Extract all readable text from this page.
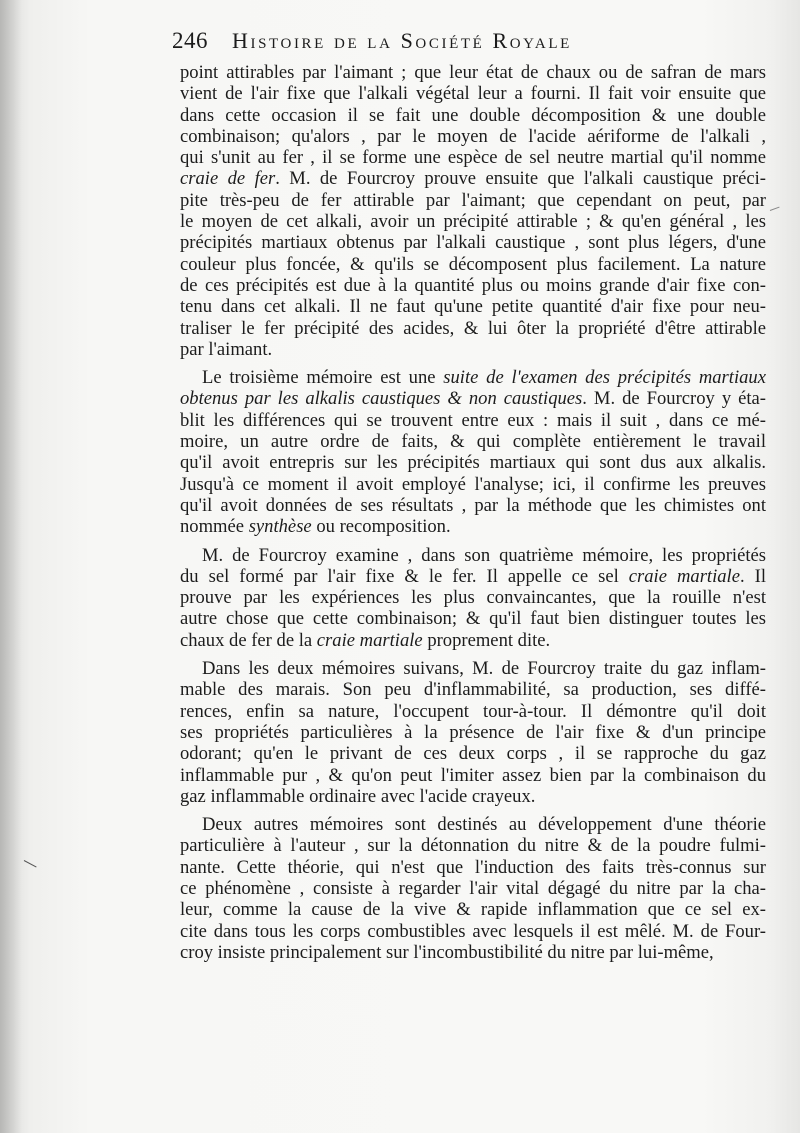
246 Histoire de la Société Royale
point attirables par l'aimant ; que leur état de chaux ou de safran de mars
vient de l'air fixe que l'alkali végétal leur a fourni. Il fait voir ensuite que
dans cette occasion il se fait une double décomposition & une double
combinaison; qu'alors , par le moyen de l'acide aériforme de l'alkali ,
qui s'unit au fer , il se forme une espèce de sel neutre martial qu'il nomme
craie de fer. M. de Fourcroy prouve ensuite que l'alkali caustique préci-
pite très-peu de fer attirable par l'aimant; que cependant on peut, par
le moyen de cet alkali, avoir un précipité attirable ; & qu'en général , les
précipités martiaux obtenus par l'alkali caustique , sont plus légers, d'une
couleur plus foncée, & qu'ils se décomposent plus facilement. La nature
de ces précipités est due à la quantité plus ou moins grande d'air fixe con-
tenu dans cet alkali. Il ne faut qu'une petite quantité d'air fixe pour neu-
traliser le fer précipité des acides, & lui ôter la propriété d'être attirable
par l'aimant.
Le troisième mémoire est une suite de l'examen des précipités martiaux
obtenus par les alkalis caustiques & non caustiques. M. de Fourcroy y éta-
blit les différences qui se trouvent entre eux : mais il suit , dans ce mé-
moire, un autre ordre de faits, & qui complète entièrement le travail
qu'il avoit entrepris sur les précipités martiaux qui sont dus aux alkalis.
Jusqu'à ce moment il avoit employé l'analyse; ici, il confirme les preuves
qu'il avoit données de ses résultats , par la méthode que les chimistes ont
nommée synthèse ou recomposition.
M. de Fourcroy examine , dans son quatrième mémoire, les propriétés
du sel formé par l'air fixe & le fer. Il appelle ce sel craie martiale. Il
prouve par les expériences les plus convaincantes, que la rouille n'est
autre chose que cette combinaison; & qu'il faut bien distinguer toutes les
chaux de fer de la craie martiale proprement dite.
Dans les deux mémoires suivans, M. de Fourcroy traite du gaz inflam-
mable des marais. Son peu d'inflammabilité, sa production, ses diffé-
rences, enfin sa nature, l'occupent tour-à-tour. Il démontre qu'il doit
ses propriétés particulières à la présence de l'air fixe & d'un principe
odorant; qu'en le privant de ces deux corps , il se rapproche du gaz
inflammable pur , & qu'on peut l'imiter assez bien par la combinaison du
gaz inflammable ordinaire avec l'acide crayeux.
Deux autres mémoires sont destinés au développement d'une théorie
particulière à l'auteur , sur la détonnation du nitre & de la poudre fulmi-
nante. Cette théorie, qui n'est que l'induction des faits très-connus sur
ce phénomène , consiste à regarder l'air vital dégagé du nitre par la cha-
leur, comme la cause de la vive & rapide inflammation que ce sel ex-
cite dans tous les corps combustibles avec lesquels il est mêlé. M. de Four-
croy insiste principalement sur l'incombustibilité du nitre par lui-même,
